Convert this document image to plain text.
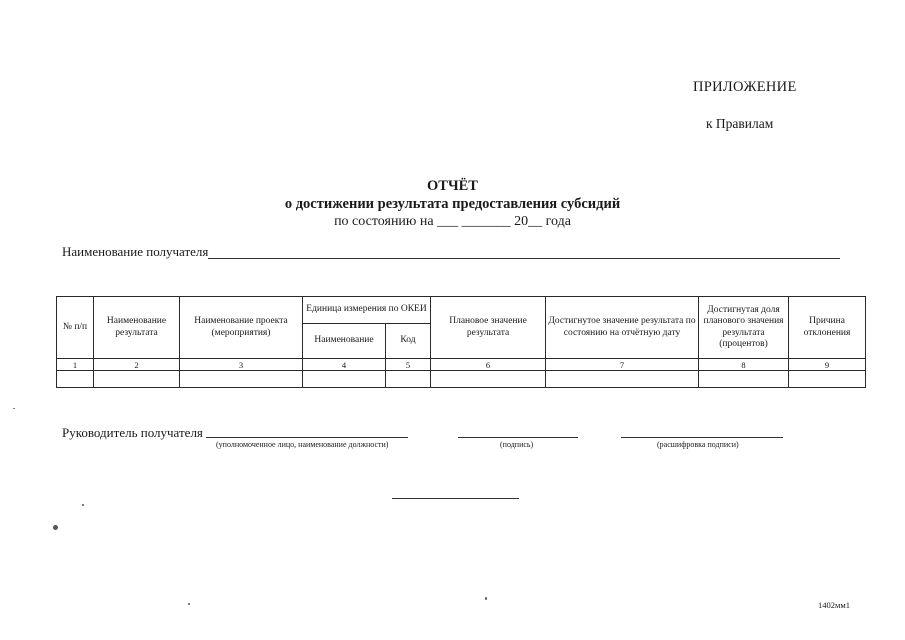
ПРИЛОЖЕНИЕ
к Правилам
ОТЧЁТ
о достижении результата предоставления субсидий
по состоянию на ___ _______ 20__ года
Наименование получателя
№ п/п	Наименование результата	Наименование проекта (мероприятия)	Единица измерения по ОКЕИ		Плановое значение результата	Достигнутое значение результата по состоянию на отчётную дату	Достигнутая доля планового значения результата (процентов)	Причина отклонения
			Наименование	Код				
1	2	3	4	5	6	7	8	9

Руководитель получателя
(уполномоченное лицо, наименование должности)	(подпись)	(расшифровка подписи)
1402мм1
